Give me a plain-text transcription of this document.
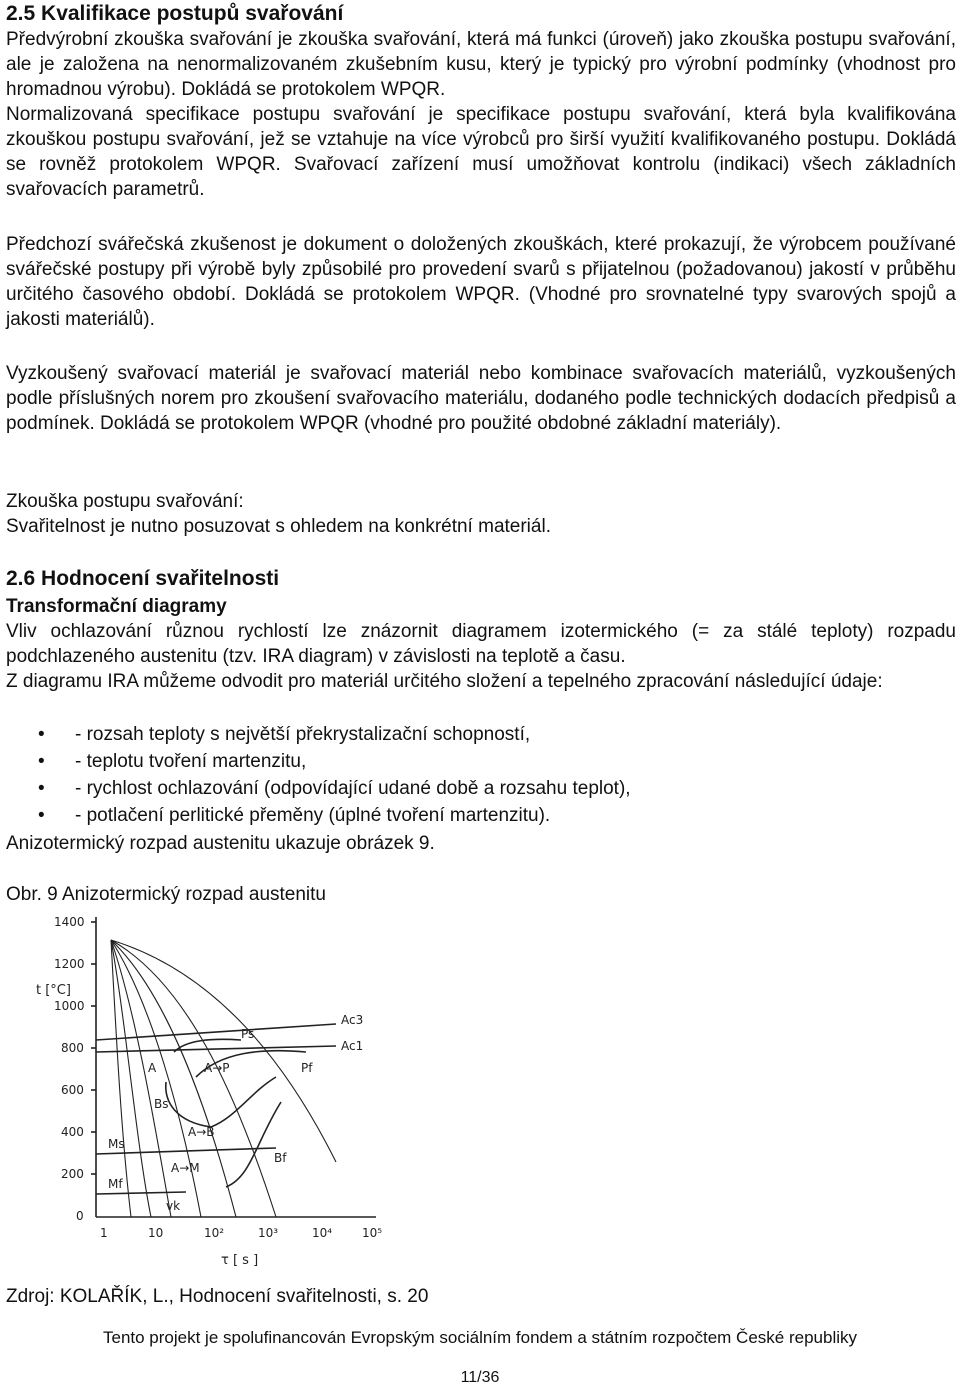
2.5 Kvalifikace postupů svařování

Předvýrobní zkouška svařování je zkouška svařování, která má funkci (úroveň) jako zkouška postupu svařování, ale je založena na nenormalizovaném zkušebním kusu, který je typický pro výrobní podmínky (vhodnost pro hromadnou výrobu). Dokládá se protokolem WPQR.

Normalizovaná specifikace postupu svařování je specifikace postupu svařování, která byla kvalifikována zkouškou postupu svařování, jež se vztahuje na více výrobců pro širší využití kvalifikovaného postupu. Dokládá se rovněž protokolem WPQR. Svařovací zařízení musí umožňovat kontrolu (indikaci) všech základních svařovacích parametrů.

Předchozí svářečská zkušenost je dokument o doložených zkouškách, které prokazují, že výrobcem používané svářečské postupy při výrobě byly způsobilé pro provedení svarů s přijatelnou (požadovanou) jakostí v průběhu určitého časového období. Dokládá se protokolem WPQR. (Vhodné pro srovnatelné typy svarových spojů a jakosti materiálů).

Vyzkoušený svařovací materiál je svařovací materiál nebo kombinace svařovacích materiálů, vyzkoušených podle příslušných norem pro zkoušení svařovacího materiálu, dodaného podle technických dodacích předpisů a podmínek. Dokládá se protokolem WPQR (vhodné pro použité obdobné základní materiály).

Zkouška postupu svařování:

Svařitelnost je nutno posuzovat s ohledem na konkrétní materiál.

2.6 Hodnocení svařitelnosti

Transformační diagramy

Vliv ochlazování různou rychlostí lze znázornit diagramem izotermického (= za stálé teploty) rozpadu podchlazeného austenitu (tzv. IRA diagram) v závislosti na teplotě a času.

Z diagramu IRA můžeme odvodit pro materiál určitého složení a tepelného zpracování následující údaje:

• - rozsah teploty s největší překrystalizační schopností,
• - teplotu tvoření martenzitu,
• - rychlost ochlazování (odpovídající udané době a rozsahu teplot),
• - potlačení perlitické přeměny (úplné tvoření martenzitu).

Anizotermický rozpad austenitu ukazuje obrázek 9.

Obr. 9 Anizotermický rozpad austenitu

1400
1200
1000
800
600
400
200
0
t [°C]
1	10	10²	10³	10⁴ 10⁵
τ [ s ]
Ac3
Ac1
Ps
Pf
A	A→P
Bs
A→B
Ms
Bf
A→M
Mf
vk

Zdroj: KOLAŘÍK, L., Hodnocení svařitelnosti, s. 20

Tento projekt je spolufinancován Evropským sociálním fondem a státním rozpočtem České republiky
11/36
